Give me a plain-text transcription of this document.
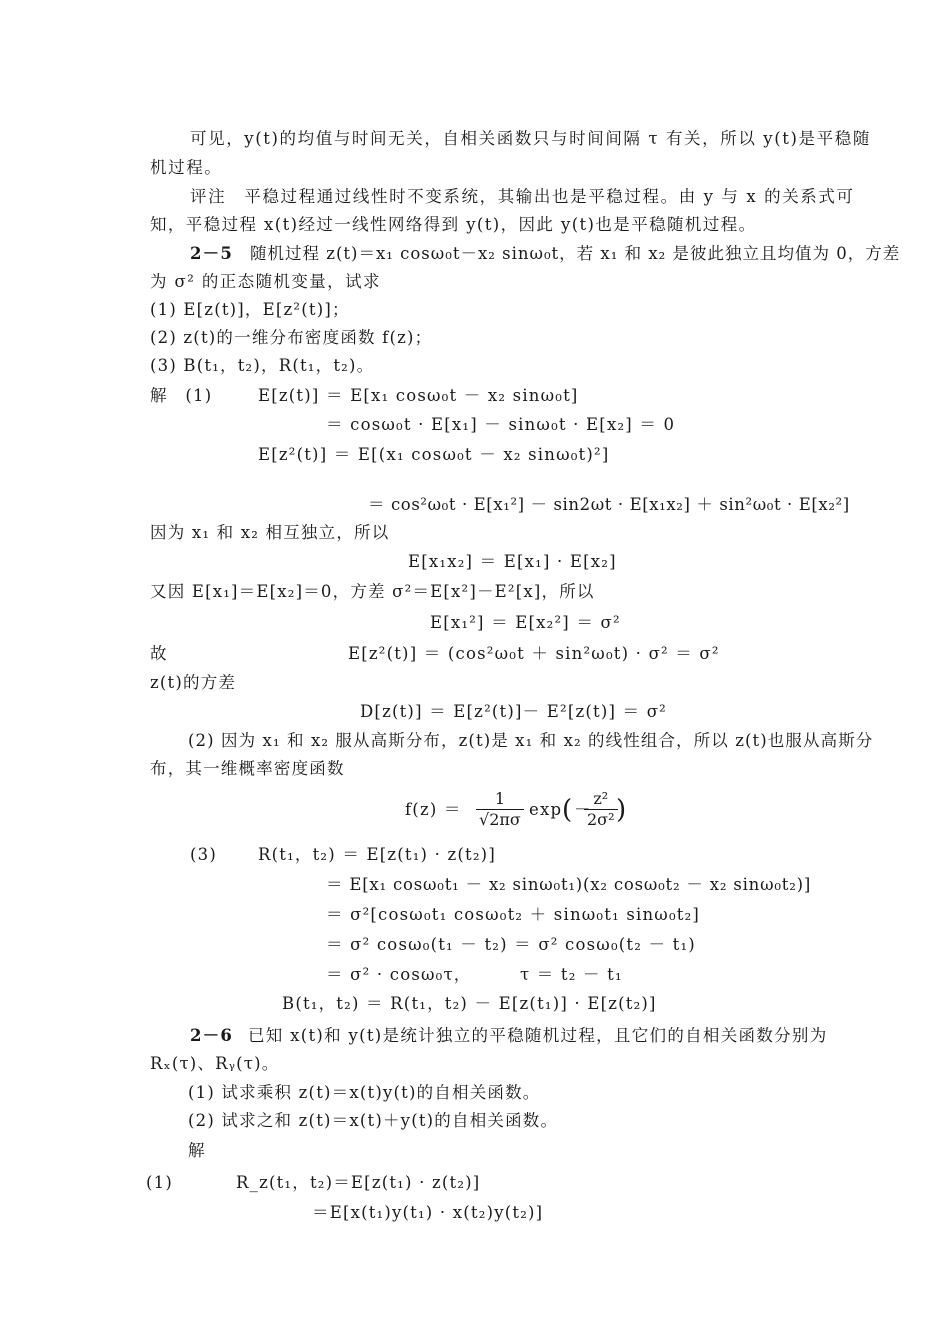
可见，y(t)的均值与时间无关，自相关函数只与时间间隔 τ 有关，所以 y(t)是平稳随
机过程。
评注　平稳过程通过线性时不变系统，其输出也是平稳过程。由 y 与 x 的关系式可
知，平稳过程 x(t)经过一线性网络得到 y(t)，因此 y(t)也是平稳随机过程。
2－5 随机过程 z(t)＝x₁ cosω₀t－x₂ sinω₀t，若 x₁ 和 x₂ 是彼此独立且均值为 0，方差
为 σ² 的正态随机变量，试求
(1) E[z(t)]，E[z²(t)]；
(2) z(t)的一维分布密度函数 f(z)；
(3) B(t₁，t₂)，R(t₁，t₂)。
解　(1)	E[z(t)] ＝ E[x₁ cosω₀t － x₂ sinω₀t]
＝ cosω₀t · E[x₁] － sinω₀t · E[x₂] ＝ 0
E[z²(t)] ＝ E[(x₁ cosω₀t － x₂ sinω₀t)²]
＝ cos²ω₀t · E[x₁²] － sin2ωt · E[x₁x₂] ＋ sin²ω₀t · E[x₂²]
因为 x₁ 和 x₂ 相互独立，所以
E[x₁x₂] ＝ E[x₁] · E[x₂]
又因 E[x₁]＝E[x₂]＝0，方差 σ²＝E[x²]－E²[x]，所以
E[x₁²] ＝ E[x₂²] ＝ σ²
故	E[z²(t)] ＝ (cos²ω₀t ＋ sin²ω₀t) · σ² ＝ σ²
z(t)的方差
D[z(t)] ＝ E[z²(t)]－ E²[z(t)] ＝ σ²
(2) 因为 x₁ 和 x₂ 服从高斯分布，z(t)是 x₁ 和 x₂ 的线性组合，所以 z(t)也服从高斯分
布，其一维概率密度函数
$f(z) = \frac{1}{√2\pi\sigma}$ exp ( －
$\frac{\text{z²}}{\text{2σ²}}$
)
(3) R(t₁，t₂) ＝ E[z(t₁) · z(t₂)]
＝ E[x₁ cosω₀t₁ － x₂ sinω₀t₁)(x₂ cosω₀t₂ － x₂ sinω₀t₂)]
＝ σ²[cosω₀t₁ cosω₀t₂ ＋ sinω₀t₁ sinω₀t₂]
＝ σ² cosω₀(t₁ － t₂) ＝ σ² cosω₀(t₂ － t₁)
＝ σ² · cosω₀τ，	τ ＝ t₂ － t₁
B(t₁，t₂) ＝ R(t₁，t₂) － E[z(t₁)] · E[z(t₂)]
2－6 已知 x(t)和 y(t)是统计独立的平稳随机过程，且它们的自相关函数分别为
Rₓ(τ)、Rᵧ(τ)。
(1) 试求乘积 z(t)＝x(t)y(t)的自相关函数。
(2) 试求之和 z(t)＝x(t)＋y(t)的自相关函数。
解
(1)	R_z(t₁，t₂)＝E[z(t₁) · z(t₂)]
＝E[x(t₁)y(t₁) · x(t₂)y(t₂)]
